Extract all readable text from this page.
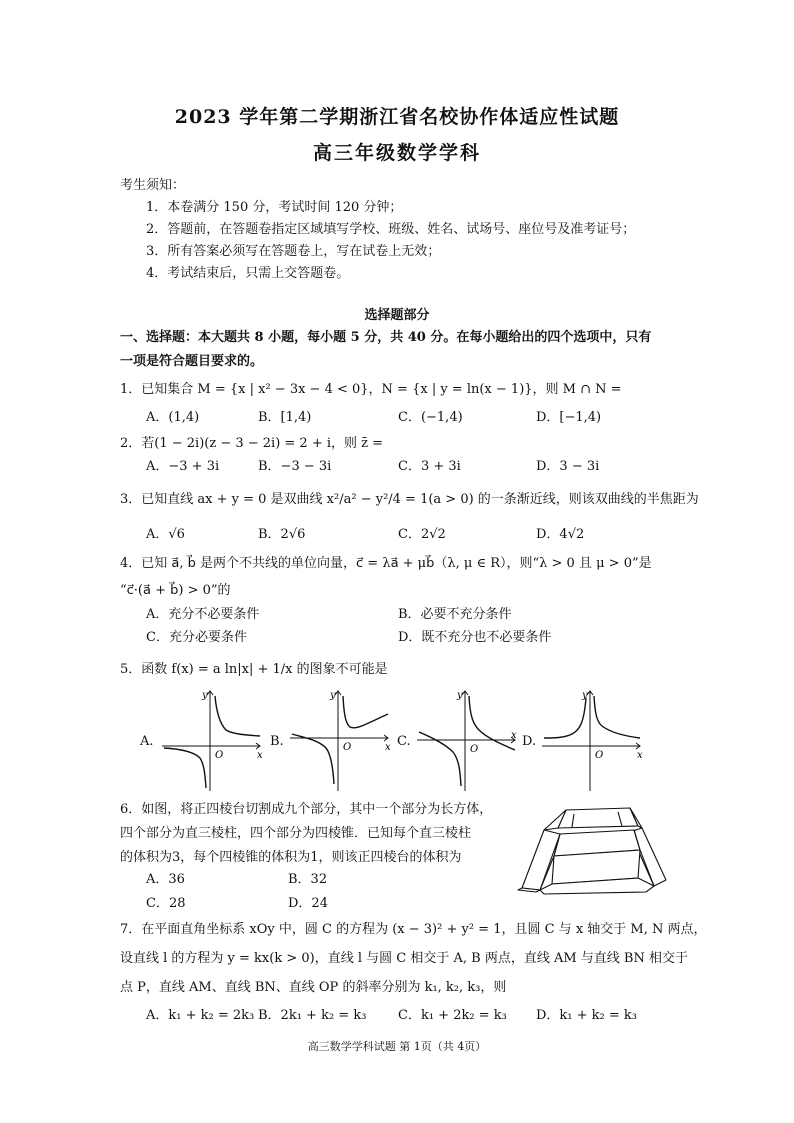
2023 学年第二学期浙江省名校协作体适应性试题
高三年级数学学科
考生须知：
1．本卷满分 150 分，考试时间 120 分钟；
2．答题前，在答题卷指定区域填写学校、班级、姓名、试场号、座位号及准考证号；
3．所有答案必须写在答题卷上，写在试卷上无效；
4．考试结束后，只需上交答题卷。
选择题部分
一、选择题：本大题共 8 小题，每小题 5 分，共 40 分。在每小题给出的四个选项中，只有
一项是符合题目要求的。
1．已知集合 M = {x | x² − 3x − 4 < 0}，N = {x | y = ln(x − 1)}，则 M ∩ N =
A．(1,4)	B．[1,4)	C．(−1,4)	D．[−1,4)
2．若(1 − 2i)(z − 3 − 2i) = 2 + i，则 z̄ =
A．−3 + 3i	B．−3 − 3i	C．3 + 3i	D．3 − 3i
3．已知直线 ax + y = 0 是双曲线 x²/a² − y²/4 = 1(a > 0) 的一条渐近线，则该双曲线的半焦距为
A．√6	B．2√6	C．2√2	D．4√2
4．已知 a⃗, b⃗ 是两个不共线的单位向量，c⃗ = λa⃗ + μb⃗（λ, μ ∈ R），则“λ > 0 且 μ > 0”是
“c⃗·(a⃗ + b⃗) > 0”的
A．充分不必要条件	B．必要不充分条件
C．充分必要条件	D．既不充分也不必要条件
5．函数 f(x) = a ln|x| + 1/x 的图象不可能是
A.	B.	C.	D.
y
x
O
y
x
O
y
x
O
y
x
O
6．如图，将正四棱台切割成九个部分，其中一个部分为长方体，
四个部分为直三棱柱，四个部分为四棱锥．已知每个直三棱柱
的体积为3，每个四棱锥的体积为1，则该正四棱台的体积为
A．36	B．32
C．28	D．24
7．在平面直角坐标系 xOy 中，圆 C 的方程为 (x − 3)² + y² = 1，且圆 C 与 x 轴交于 M, N 两点，
设直线 l 的方程为 y = kx(k > 0)，直线 l 与圆 C 相交于 A, B 两点，直线 AM 与直线 BN 相交于
点 P，直线 AM、直线 BN、直线 OP 的斜率分别为 k₁, k₂, k₃，则
A．k₁ + k₂ = 2k₃ B．2k₁ + k₂ = k₃ C．k₁ + 2k₂ = k₃ D．k₁ + k₂ = k₃
高三数学学科试题 第 1页（共 4页）
